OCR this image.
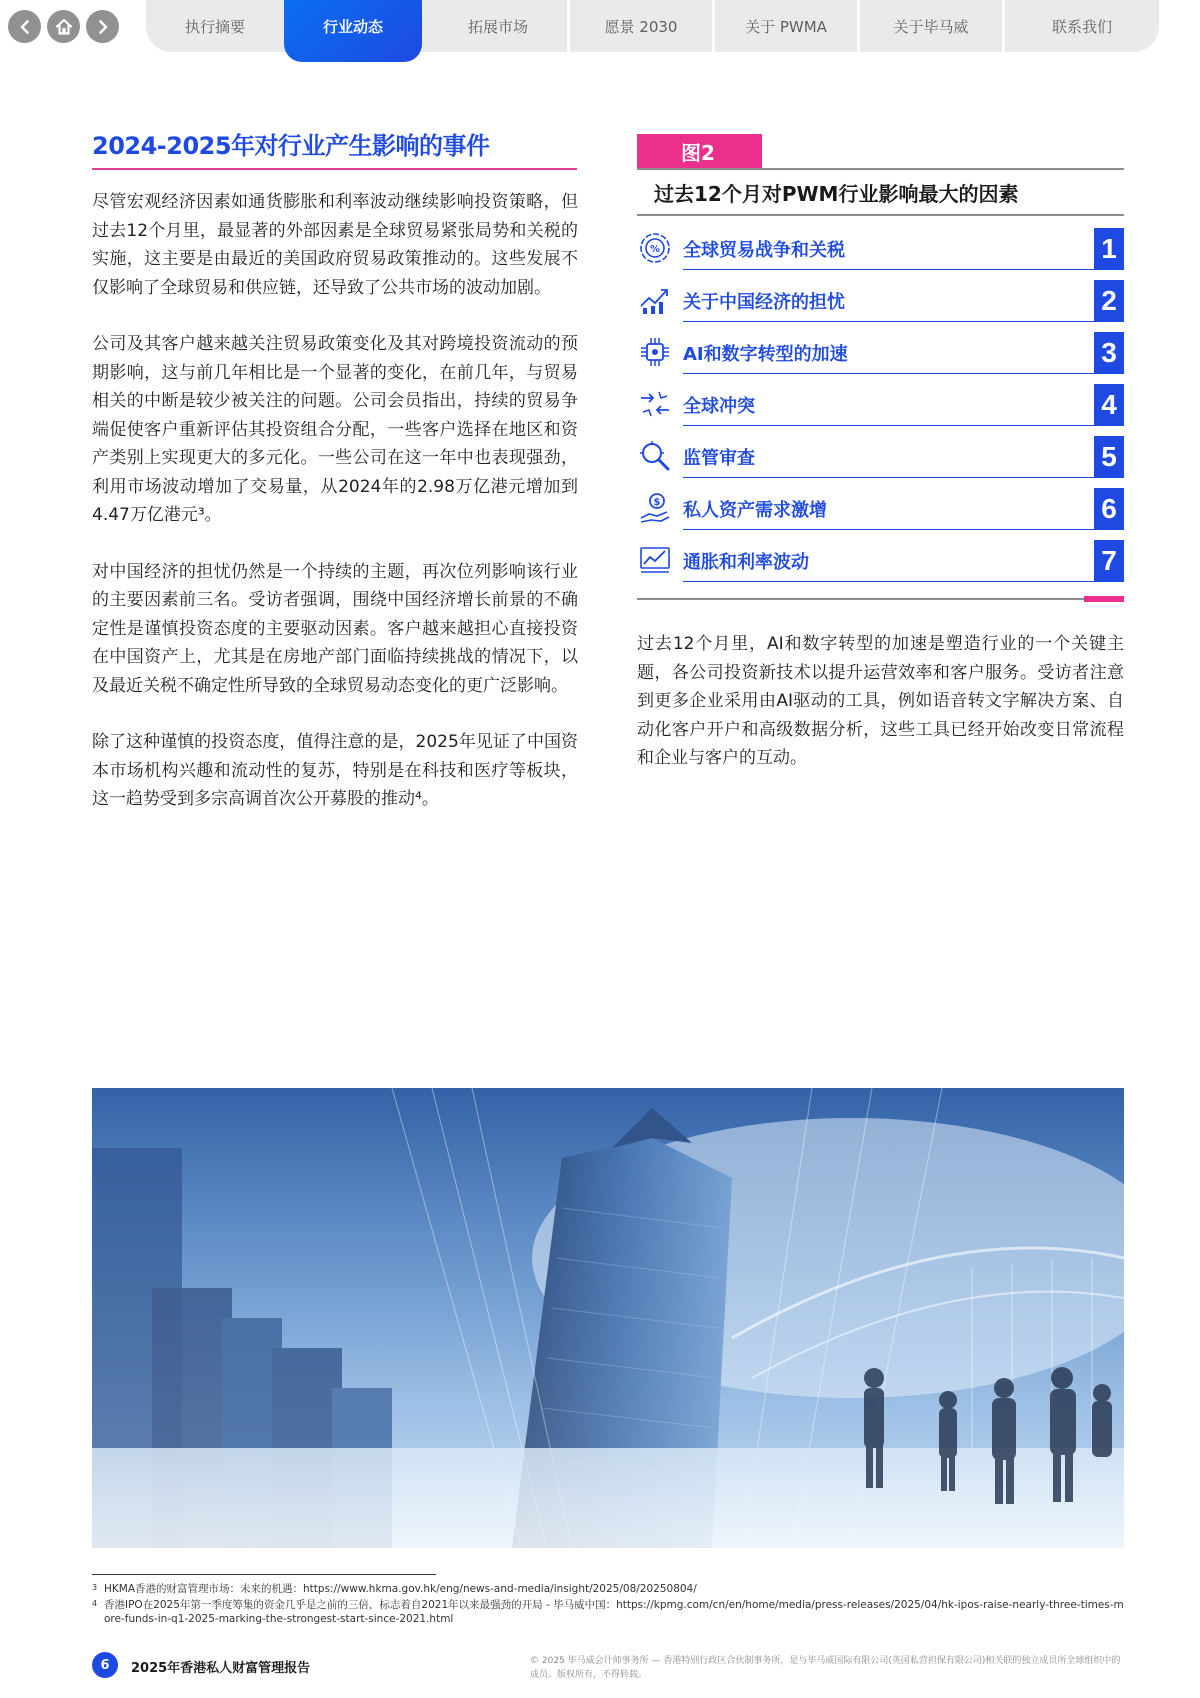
执行摘要	行业动态	拓展市场	愿景 2030	关于 PWMA	关于毕马威	联系我们
2024-2025年对行业产生影响的事件

尽管宏观经济因素如通货膨胀和利率波动继续影响投资策略，但过去12个月里，最显著的外部因素是全球贸易紧张局势和关税的实施，这主要是由最近的美国政府贸易政策推动的。这些发展不仅影响了全球贸易和供应链，还导致了公共市场的波动加剧。

公司及其客户越来越关注贸易政策变化及其对跨境投资流动的预期影响，这与前几年相比是一个显著的变化，在前几年，与贸易相关的中断是较少被关注的问题。公司会员指出，持续的贸易争端促使客户重新评估其投资组合分配，一些客户选择在地区和资产类别上实现更大的多元化。一些公司在这一年中也表现强劲，利用市场波动增加了交易量，从2024年的2.98万亿港元增加到4.47万亿港元³。

对中国经济的担忧仍然是一个持续的主题，再次位列影响该行业的主要因素前三名。受访者强调，围绕中国经济增长前景的不确定性是谨慎投资态度的主要驱动因素。客户越来越担心直接投资在中国资产上，尤其是在房地产部门面临持续挑战的情况下，以及最近关税不确定性所导致的全球贸易动态变化的更广泛影响。

除了这种谨慎的投资态度，值得注意的是，2025年见证了中国资本市场机构兴趣和流动性的复苏，特别是在科技和医疗等板块，这一趋势受到多宗高调首次公开募股的推动⁴。

图2
过去12个月对PWM行业影响最大的因素
% 全球贸易战争和关税	1
关于中国经济的担忧	2
AI和数字转型的加速	3
全球冲突	4
监管审查	5
$ 私人资产需求激增	6
通胀和利率波动	7

过去12个月里，AI和数字转型的加速是塑造行业的一个关键主题，各公司投资新技术以提升运营效率和客户服务。受访者注意到更多企业采用由AI驱动的工具，例如语音转文字解决方案、自动化客户开户和高级数据分析，这些工具已经开始改变日常流程和企业与客户的互动。

3 HKMA香港的财富管理市场：未来的机遇：https://www.hkma.gov.hk/eng/news-and-media/insight/2025/08/20250804/
4 香港IPO在2025年第一季度筹集的资金几乎是之前的三倍，标志着自2021年以来最强劲的开局 - 毕马威中国：https://kpmg.com/cn/en/home/media/press-releases/2025/04/hk-ipos-raise-nearly-three-times-more-funds-in-q1-2025-marking-the-strongest-start-since-2021.html
6	2025年香港私人财富管理报告	© 2025 毕马威会计师事务所 — 香港特别行政区合伙制事务所，是与毕马威国际有限公司(英国私营担保有限公司)相关联的独立成员所全球组织中的成员。版权所有，不得转载。
